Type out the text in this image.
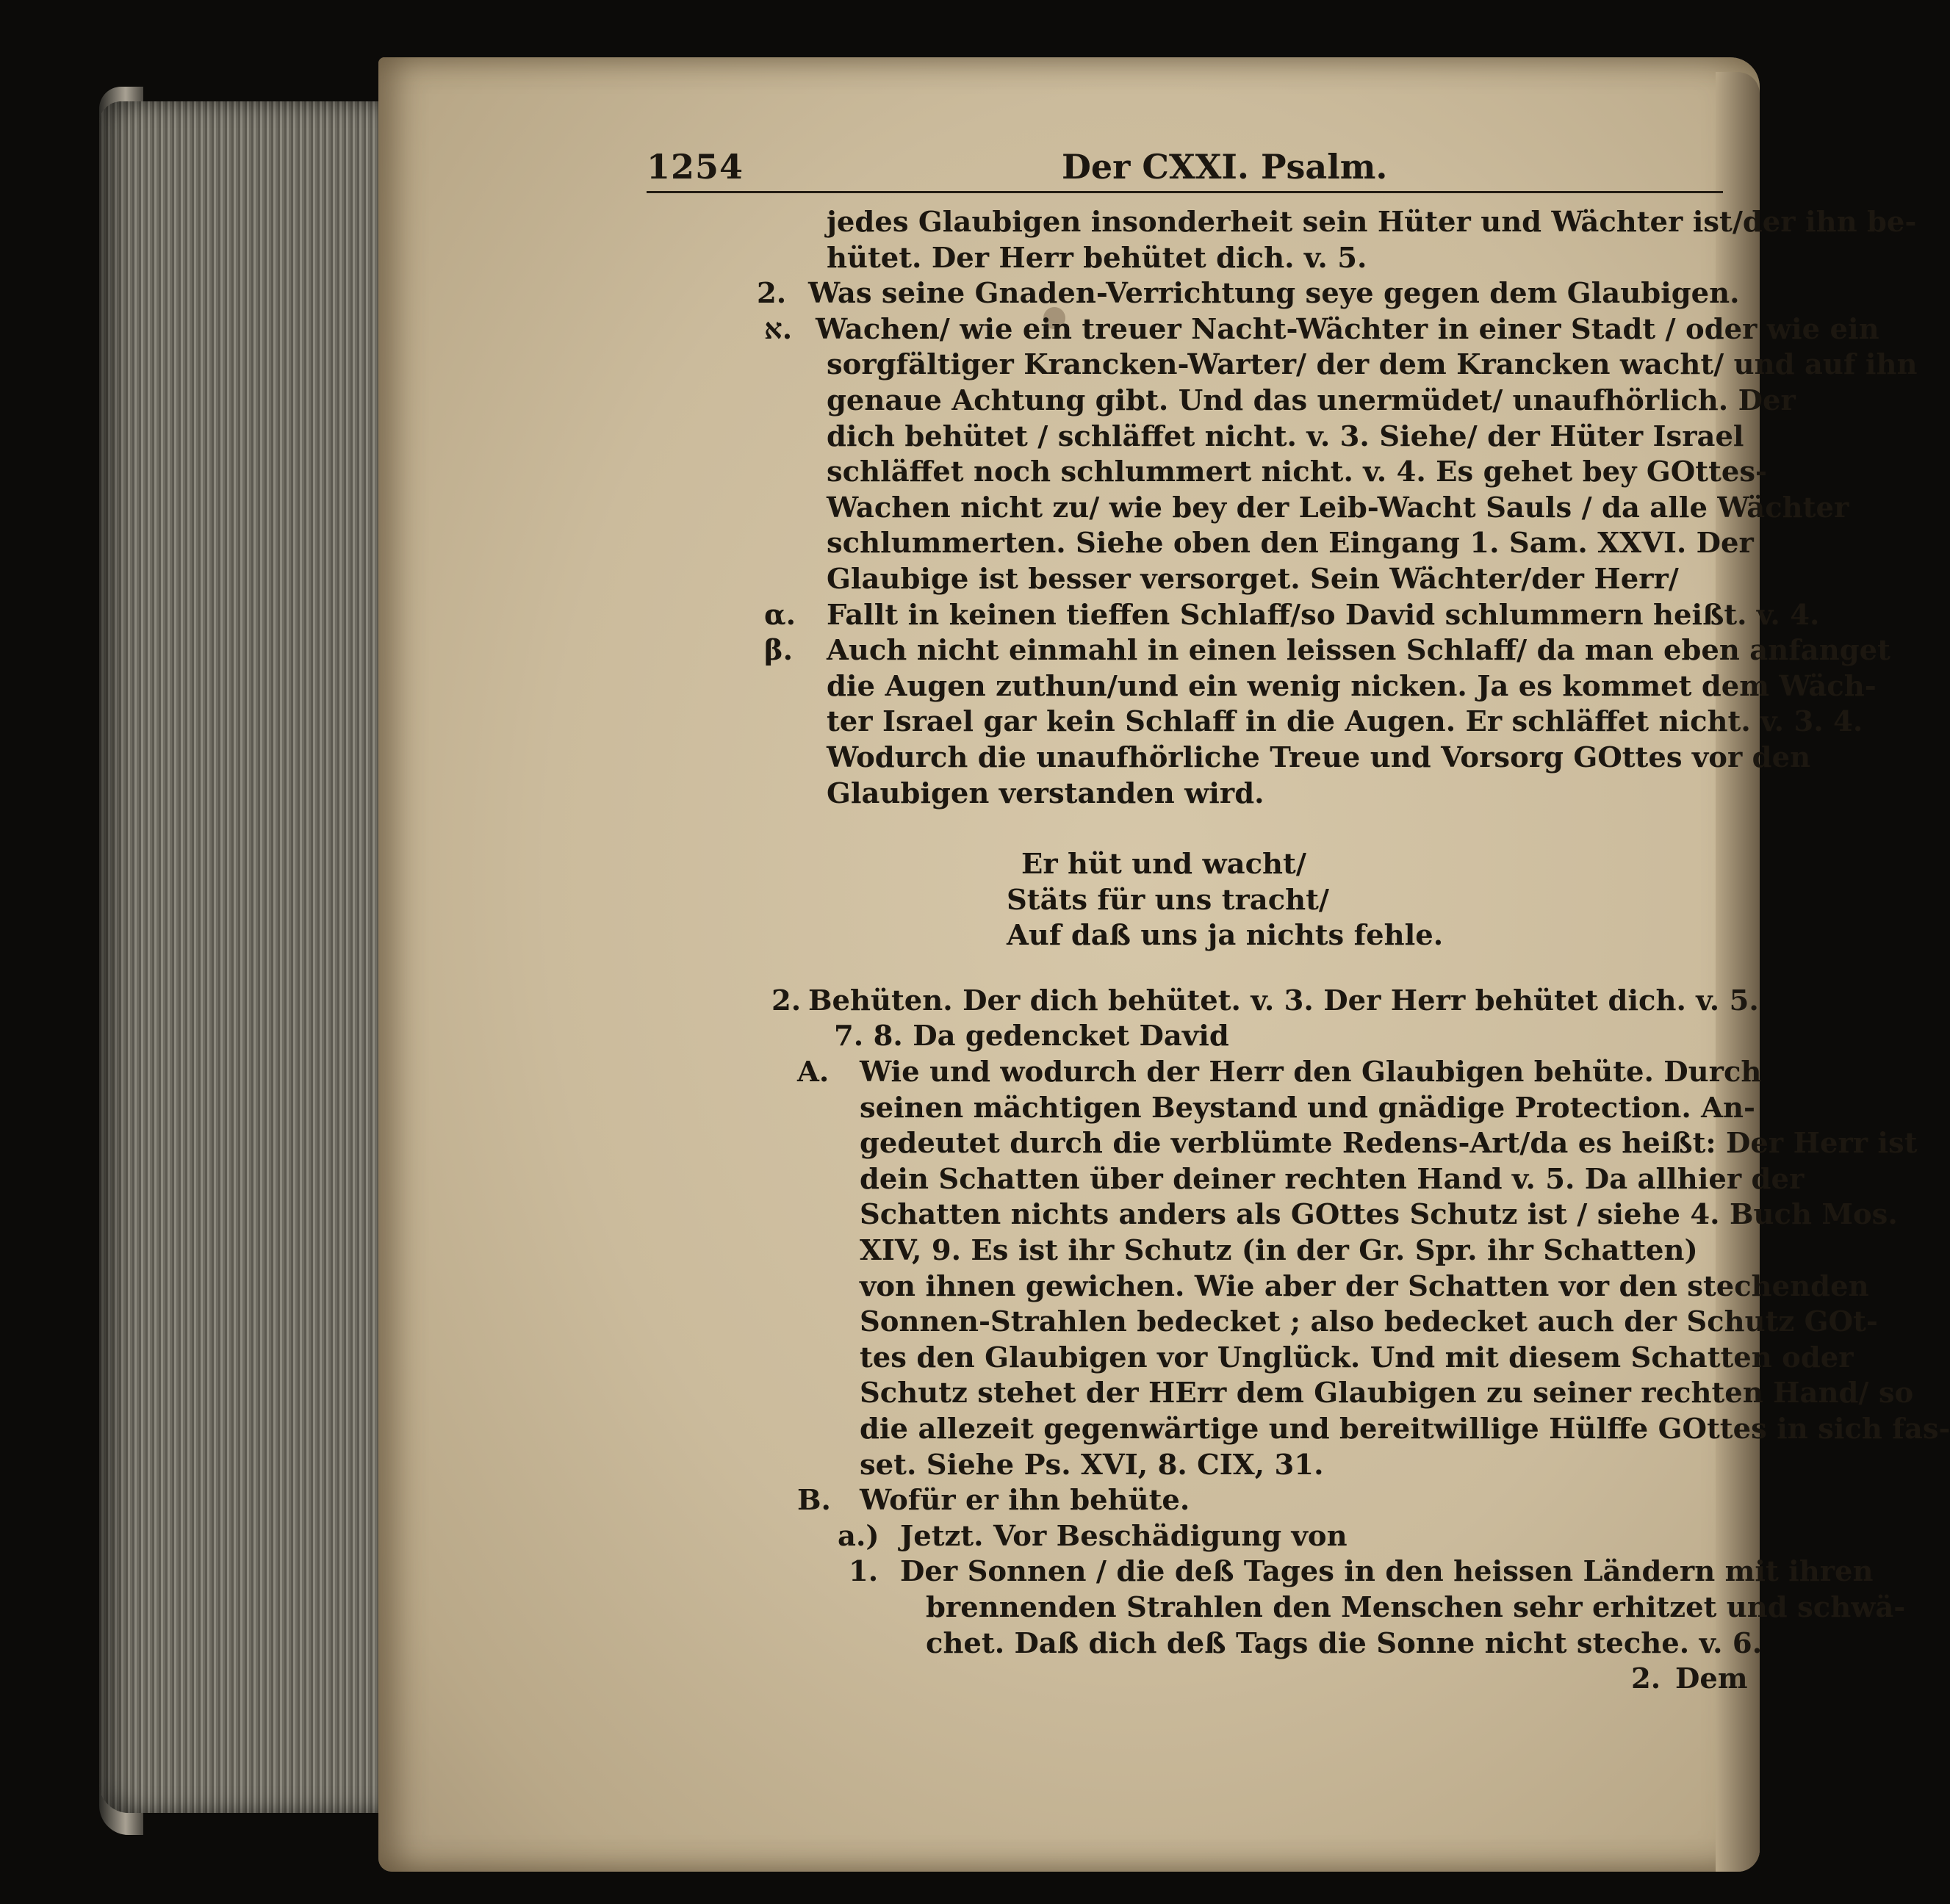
1254	Der CXXI. Psalm.
jedes Glaubigen insonderheit sein Hüter und Wächter ist/der ihn be-
hütet. Der Herr behütet dich. v. 5.
2. Was seine Gnaden-Verrichtung seye gegen dem Glaubigen.
א. Wachen/ wie ein treuer Nacht-Wächter in einer Stadt / oder wie ein
sorgfältiger Krancken-Warter/ der dem Krancken wacht/ und auf ihn
genaue Achtung gibt. Und das unermüdet/ unaufhörlich. Der
dich behütet / schläffet nicht. v. 3. Siehe/ der Hüter Israel
schläffet noch schlummert nicht. v. 4. Es gehet bey GOttes-
Wachen nicht zu/ wie bey der Leib-Wacht Sauls / da alle Wächter
schlummerten. Siehe oben den Eingang 1. Sam. XXVI. Der
Glaubige ist besser versorget. Sein Wächter/der Herr/
α. Fallt in keinen tieffen Schlaff/so David schlummern heißt. v. 4.
β. Auch nicht einmahl in einen leissen Schlaff/ da man eben anfanget
die Augen zuthun/und ein wenig nicken. Ja es kommet dem Wäch-
ter Israel gar kein Schlaff in die Augen. Er schläffet nicht. v. 3. 4.
Wodurch die unaufhörliche Treue und Vorsorg GOttes vor den
Glaubigen verstanden wird.
Er hüt und wacht/
Stäts für uns tracht/
Auf daß uns ja nichts fehle.
2. Behüten. Der dich behütet. v. 3. Der Herr behütet dich. v. 5.
7. 8. Da gedencket David
A. Wie und wodurch der Herr den Glaubigen behüte. Durch
seinen mächtigen Beystand und gnädige Protection. An-
gedeutet durch die verblümte Redens-Art/da es heißt: Der Herr ist
dein Schatten über deiner rechten Hand v. 5. Da allhier der
Schatten nichts anders als GOttes Schutz ist / siehe 4. Buch Mos.
XIV, 9. Es ist ihr Schutz (in der Gr. Spr. ihr Schatten)
von ihnen gewichen. Wie aber der Schatten vor den stechenden
Sonnen-Strahlen bedecket ; also bedecket auch der Schutz GOt-
tes den Glaubigen vor Unglück. Und mit diesem Schatten oder
Schutz stehet der HErr dem Glaubigen zu seiner rechten Hand/ so
die allezeit gegenwärtige und bereitwillige Hülffe GOttes in sich fas-
set. Siehe Ps. XVI, 8. CIX, 31.
B. Wofür er ihn behüte.
a.) Jetzt. Vor Beschädigung von
1. Der Sonnen / die deß Tages in den heissen Ländern mit ihren
brennenden Strahlen den Menschen sehr erhitzet und schwä-
chet. Daß dich deß Tags die Sonne nicht steche. v. 6.
2. Dem
